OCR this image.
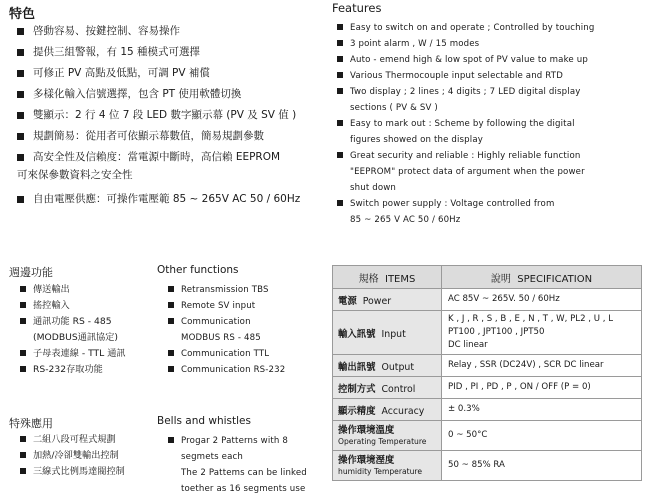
特色
啓動容易、按鍵控制、容易操作
提供三組警報，有 15 種模式可選擇
可修正 PV 高點及低點，可調 PV 補償
多樣化輸入信號選擇，包含 PT 使用軟體切換
雙顯示：2 行 4 位 7 段 LED 數字顯示幕 (PV 及 SV 值 )
規劃簡易：從用者可依顯示幕數值，簡易規劃參數
高安全性及信賴度：當電源中斷時，高信賴 EEPROM
可來保參數資料之安全性
自由電壓供應：可操作電壓範 85 ~ 265V AC 50 / 60Hz
Features
Easy to switch on and operate ; Controlled by touching
3 point alarm , W / 15 modes
Auto - emend high & low spot of PV value to make up
Various Thermocouple input selectable and RTD
Two display ; 2 lines ; 4 digits ; 7 LED digital display
sections ( PV & SV )
Easy to mark out : Scheme by following the digital
figures showed on the display
Great security and reliable : Highly reliable function
"EEPROM" protect data of argument when the power
shut down
Switch power supply : Voltage controlled from
85 ~ 265 V AC 50 / 60Hz
週邊功能
傳送輸出
搖控輸入
通訊功能 RS - 485
(MODBUS通訊協定)
子母表連線 - TTL 通訊
RS-232存取功能
Other functions
Retransmission TBS
Remote SV input
Communication
MODBUS RS - 485
Communication TTL
Communication RS-232
特殊應用
二組八段可程式規劃
加熱/冷卻雙輸出控制
三線式比例馬達閥控制
Bells and whistles
Progar 2 Patterns with 8
segmets each
The 2 Pattems can be linked
toether as 16 segments use
規格 ITEMS	說明 SPECIFICATION
電源 Power	AC 85V ~ 265V. 50 / 60Hz

輸入訊號 Input	K , J , R , S , B , E , N , T , W, PL2 , U , L
PT100 , JPT100 , JPT50
DC linear

輸出訊號 Output	Relay , SSR (DC24V) , SCR DC linear

控制方式 Control	PID , PI , PD , P , ON / OFF (P = 0)

顯示精度 Accuracy	± 0.3%

操作環境溫度
Operating Temperature	0 ~ 50°C

操作環境溼度
humidity Temperature	50 ~ 85% RA
